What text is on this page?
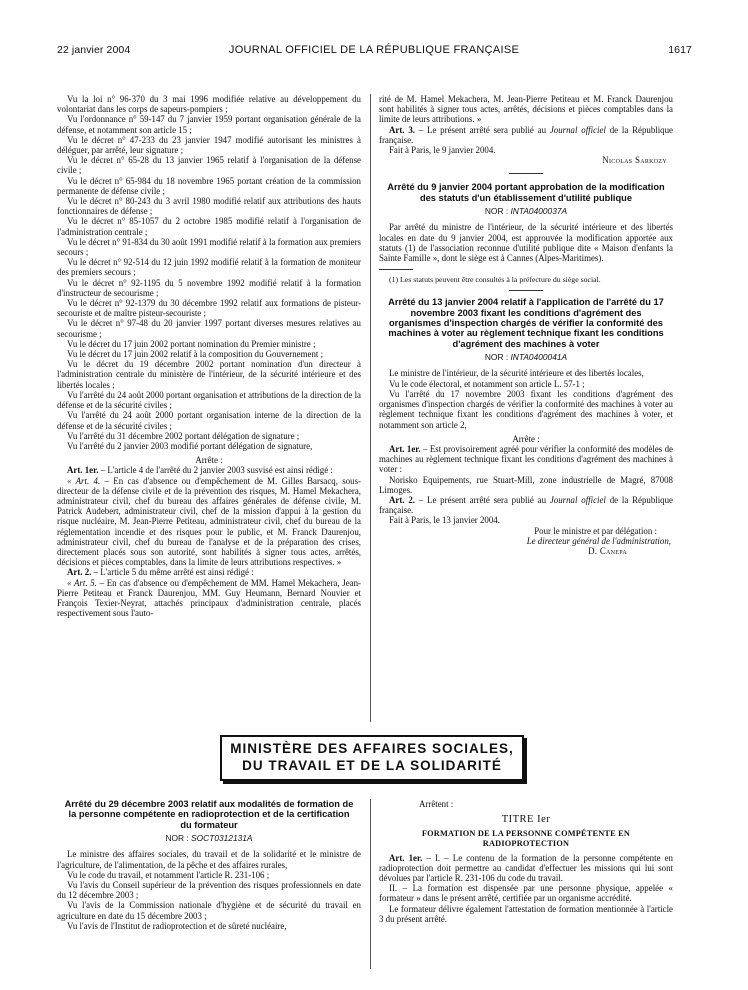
22 janvier 2004	JOURNAL OFFICIEL DE LA RÉPUBLIQUE FRANÇAISE	1617

Vu la loi n° 96-370 du 3 mai 1996 modifiée relative au développement du volontariat dans les corps de sapeurs-pompiers ;

Vu l'ordonnance n° 59-147 du 7 janvier 1959 portant organisation générale de la défense, et notamment son article 15 ;

Vu le décret n° 47-233 du 23 janvier 1947 modifié autorisant les ministres à déléguer, par arrêté, leur signature ;

Vu le décret n° 65-28 du 13 janvier 1965 relatif à l'organisation de la défense civile ;

Vu le décret n° 65-984 du 18 novembre 1965 portant création de la commission permanente de défense civile ;

Vu le décret n° 80-243 du 3 avril 1980 modifié relatif aux attributions des hauts fonctionnaires de défense ;

Vu le décret n° 85-1057 du 2 octobre 1985 modifié relatif à l'organisation de l'administration centrale ;

Vu le décret n° 91-834 du 30 août 1991 modifié relatif à la formation aux premiers secours ;

Vu le décret n° 92-514 du 12 juin 1992 modifié relatif à la formation de moniteur des premiers secours ;

Vu le décret n° 92-1195 du 5 novembre 1992 modifié relatif à la formation d'instructeur de secourisme ;

Vu le décret n° 92-1379 du 30 décembre 1992 relatif aux formations de pisteur-secouriste et de maître pisteur-secouriste ;

Vu le décret n° 97-48 du 20 janvier 1997 portant diverses mesures relatives au secourisme ;

Vu le décret du 17 juin 2002 portant nomination du Premier ministre ;

Vu le décret du 17 juin 2002 relatif à la composition du Gouvernement ;

Vu le décret du 19 décembre 2002 portant nomination d'un directeur à l'administration centrale du ministère de l'intérieur, de la sécurité intérieure et des libertés locales ;

Vu l'arrêté du 24 août 2000 portant organisation et attributions de la direction de la défense et de la sécurité civiles ;

Vu l'arrêté du 24 août 2000 portant organisation interne de la direction de la défense et de la sécurité civiles ;

Vu l'arrêté du 31 décembre 2002 portant délégation de signature ;

Vu l'arrêté du 2 janvier 2003 modifié portant délégation de signature,

Arrête :

Art. 1er. – L'article 4 de l'arrêté du 2 janvier 2003 susvisé est ainsi rédigé :

« Art. 4. – En cas d'absence ou d'empêchement de M. Gilles Barsacq, sous-directeur de la défense civile et de la prévention des risques, M. Hamel Mekachera, administrateur civil, chef du bureau des affaires générales de défense civile, M. Patrick Audebert, administrateur civil, chef de la mission d'appui à la gestion du risque nucléaire, M. Jean-Pierre Petiteau, administrateur civil, chef du bureau de la réglementation incendie et des risques pour le public, et M. Franck Daurenjou, administrateur civil, chef du bureau de l'analyse et de la préparation des crises, directement placés sous son autorité, sont habilités à signer tous actes, arrêtés, décisions et pièces comptables, dans la limite de leurs attributions respectives. »

Art. 2. – L'article 5 du même arrêté est ainsi rédigé :

« Art. 5. – En cas d'absence ou d'empêchement de MM. Hamel Mekachera, Jean-Pierre Petiteau et Franck Daurenjou, MM. Guy Heumann, Bernard Nouvier et François Texier-Neyrat, attachés principaux d'administration centrale, placés respectivement sous l'auto-

rité de M. Hamel Mekachera, M. Jean-Pierre Petiteau et M. Franck Daurenjou sont habilités à signer tous actes, arrêtés, décisions et pièces comptables dans la limite de leurs attributions. »

Art. 3. – Le présent arrêté sera publié au Journal officiel de la République française.

Fait à Paris, le 9 janvier 2004.

Nicolas Sarkozy

Arrêté du 9 janvier 2004 portant approbation de la modification des statuts d'un établissement d'utilité publique
NOR : INTA0400037A

Par arrêté du ministre de l'intérieur, de la sécurité intérieure et des libertés locales en date du 9 janvier 2004, est approuvée la modification apportée aux statuts (1) de l'association reconnue d'utilité publique dite « Maison d'enfants la Sainte Famille », dont le siège est à Cannes (Alpes-Maritimes).

(1) Les statuts peuvent être consultés à la préfecture du siège social.

Arrêté du 13 janvier 2004 relatif à l'application de l'arrêté du 17 novembre 2003 fixant les conditions d'agrément des organismes d'inspection chargés de vérifier la conformité des machines à voter au règlement technique fixant les conditions d'agrément des machines à voter
NOR : INTA0400041A

Le ministre de l'intérieur, de la sécurité intérieure et des libertés locales,

Vu le code électoral, et notamment son article L. 57-1 ;

Vu l'arrêté du 17 novembre 2003 fixant les conditions d'agrément des organismes d'inspection chargés de vérifier la conformité des machines à voter au règlement technique fixant les conditions d'agrément des machines à voter, et notamment son article 2,

Arrête :

Art. 1er. – Est provisoirement agréé pour vérifier la conformité des modèles de machines au règlement technique fixant les conditions d'agrément des machines à voter :

Norisko Equipements, rue Stuart-Mill, zone industrielle de Magré, 87008 Limoges.

Art. 2. – Le présent arrêté sera publié au Journal officiel de la République française.

Fait à Paris, le 13 janvier 2004.

Pour le ministre et par délégation :

Le directeur général de l'administration,

D. Canepa

MINISTÈRE DES AFFAIRES SOCIALES,
DU TRAVAIL ET DE LA SOLIDARITÉ
Arrêté du 29 décembre 2003 relatif aux modalités de formation de la personne compétente en radioprotection et de la certification du formateur
NOR : SOCT0312131A

Le ministre des affaires sociales, du travail et de la solidarité et le ministre de l'agriculture, de l'alimentation, de la pêche et des affaires rurales,

Vu le code du travail, et notamment l'article R. 231-106 ;

Vu l'avis du Conseil supérieur de la prévention des risques professionnels en date du 12 décembre 2003 ;

Vu l'avis de la Commission nationale d'hygiène et de sécurité du travail en agriculture en date du 15 décembre 2003 ;

Vu l'avis de l'Institut de radioprotection et de sûreté nucléaire,

Arrêtent :

TITRE Ier
FORMATION DE LA PERSONNE COMPÉTENTE EN RADIOPROTECTION

Art. 1er. – I. – Le contenu de la formation de la personne compétente en radioprotection doit permettre au candidat d'effectuer les missions qui lui sont dévolues par l'article R. 231-106 du code du travail.

II. – La formation est dispensée par une personne physique, appelée « formateur » dans le présent arrêté, certifiée par un organisme accrédité.

Le formateur délivre également l'attestation de formation mentionnée à l'article 3 du présent arrêté.
